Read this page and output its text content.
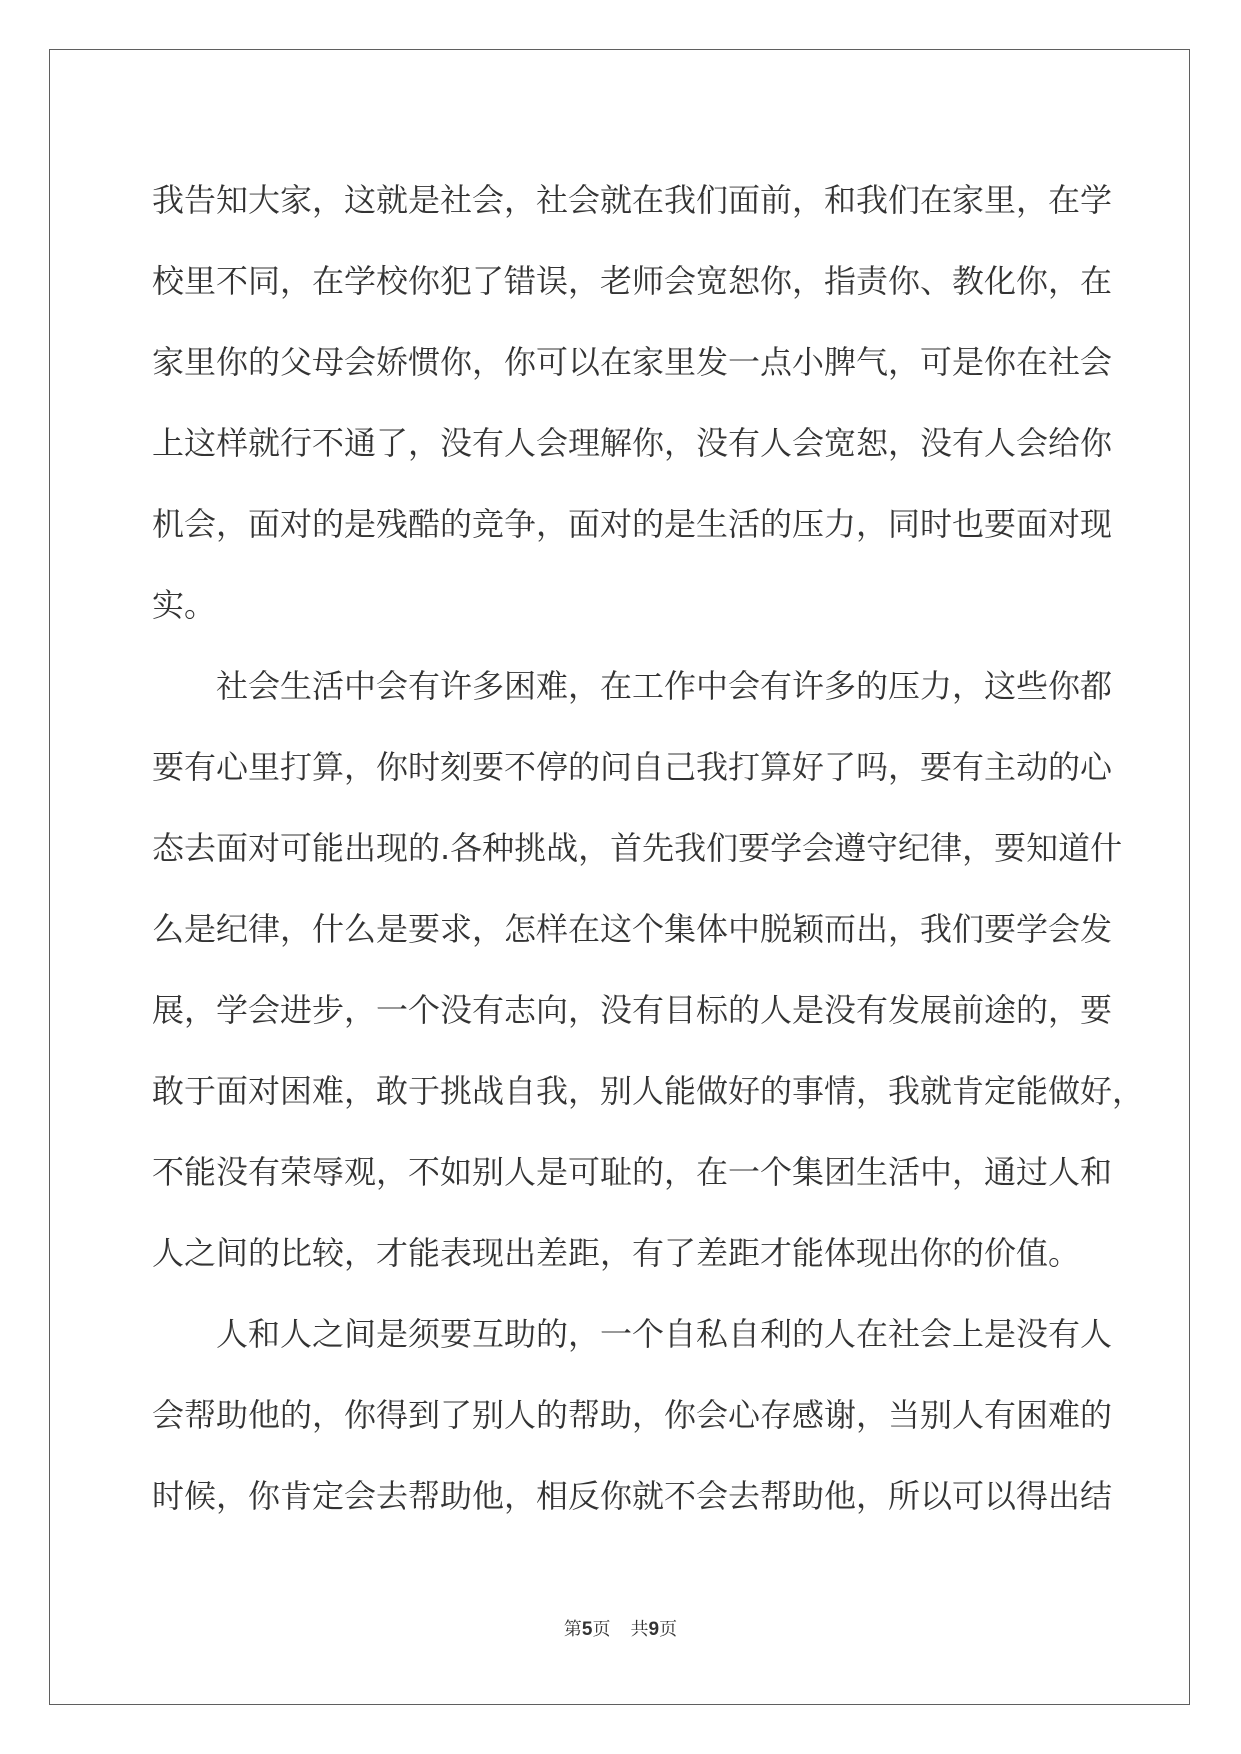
我告知大家，这就是社会，社会就在我们面前，和我们在家里，在学
校里不同，在学校你犯了错误，老师会宽恕你，指责你、教化你，在
家里你的父母会娇惯你，你可以在家里发一点小脾气，可是你在社会
上这样就行不通了，没有人会理解你，没有人会宽恕，没有人会给你
机会，面对的是残酷的竞争，面对的是生活的压力，同时也要面对现
实。

社会生活中会有许多困难，在工作中会有许多的压力，这些你都
要有心里打算，你时刻要不停的问自己我打算好了吗，要有主动的心
态去面对可能出现的.各种挑战，首先我们要学会遵守纪律，要知道什
么是纪律，什么是要求，怎样在这个集体中脱颖而出，我们要学会发
展，学会进步，一个没有志向，没有目标的人是没有发展前途的，要
敢于面对困难，敢于挑战自我，别人能做好的事情，我就肯定能做好，
不能没有荣辱观，不如别人是可耻的，在一个集团生活中，通过人和
人之间的比较，才能表现出差距，有了差距才能体现出你的价值。

人和人之间是须要互助的，一个自私自利的人在社会上是没有人
会帮助他的，你得到了别人的帮助，你会心存感谢，当别人有困难的
时候，你肯定会去帮助他，相反你就不会去帮助他，所以可以得出结

第5页 共9页
